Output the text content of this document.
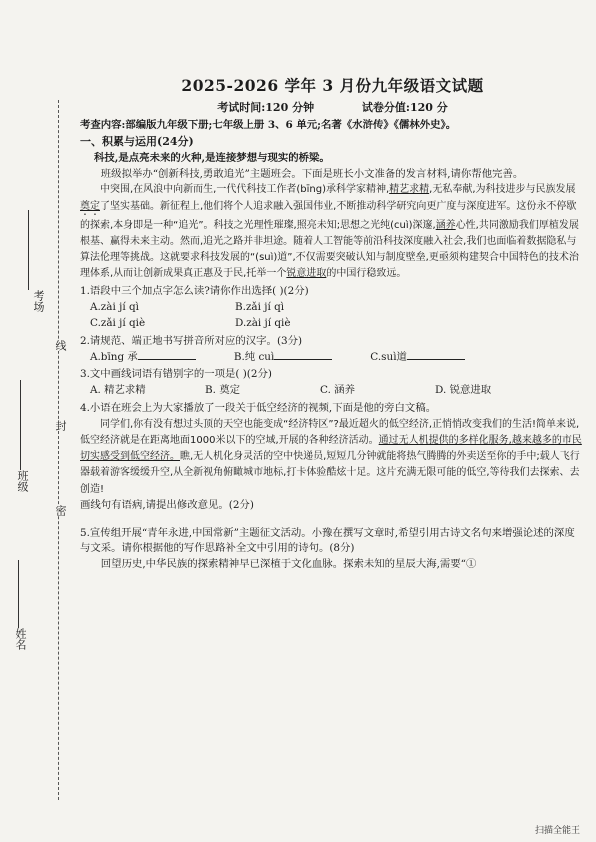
考场
班级
姓名
线
封
密
2025-2026 学年 3 月份九年级语文试题
考试时间:120 分钟	试卷分值:120 分
考查内容:部编版九年级下册;七年级上册 3、6 单元;名著《水浒传》《儒林外史》。
一、积累与运用(24分)
科技,是点亮未来的火种,是连接梦想与现实的桥梁。

班级拟举办“创新科技,勇敢追光”主题班会。下面是班长小文准备的发言材料,请你帮他完善。

中突围,在风浪中向新而生,一代代科技工作者(bīng)承科学家精神,精艺求精,无私奉献,为科技进步与民族发展奠定了坚实基础。新征程上,他们将个人追求融入强国伟业,不断推动科学研究向更广度与深度进军。这份永不停歇的探索,本身即是一种“追光”。科技之光理性璀璨,照亮未知;思想之光纯(cuì)深邃,涵养心性,共同激励我们厚植发展根基、赢得未来主动。然而,追光之路并非坦途。随着人工智能等前沿科技深度融入社会,我们也面临着数据隐私与算法伦理等挑战。这就要求科技发展的“(suì)道”,不仅需要突破认知与制度壁垒,更亟须构建契合中国特色的技术治理体系,从而让创新成果真正惠及于民,托举一个锐意进取的中国行稳致远。

1.语段中三个加点字怎么读?请你作出选择( )(2分)
A.zài jí qì	B.zǎi jí qì
C.zǎi jí qiè	D.zài jí qiè
2.请规范、端正地书写拼音所对应的汉字。(3分)
A.bīng 承	B.纯 cuì	C.suì道
3.文中画线词语有错别字的一项是( )(2分)
A. 精艺求精	B. 奠定	C. 涵养	D. 锐意进取
4.小语在班会上为大家播放了一段关于低空经济的视频,下面是他的旁白文稿。

同学们,你有没有想过头顶的天空也能变成“经济特区”?最近超火的低空经济,正悄悄改变我们的生活!简单来说,低空经济就是在距离地面1000米以下的空域,开展的各种经济活动。通过无人机提供的多样化服务,越来越多的市民切实感受到低空经济。瞧,无人机化身灵活的空中快递员,短短几分钟就能将热气腾腾的外卖送至你的手中;载人飞行器载着游客缓缓升空,从全新视角俯瞰城市地标,打卡体验酷炫十足。这片充满无限可能的低空,等待我们去探索、去创造!

画线句有语病,请提出修改意见。(2分)
5.宣传组开展“青年永进,中国常新”主题征文活动。小豫在撰写文章时,希望引用古诗文名句来增强论述的深度与文采。请你根据他的写作思路补全文中引用的诗句。(8分)

回望历史,中华民族的探索精神早已深植于文化血脉。探索未知的星辰大海,需要“①

扫描全能王
